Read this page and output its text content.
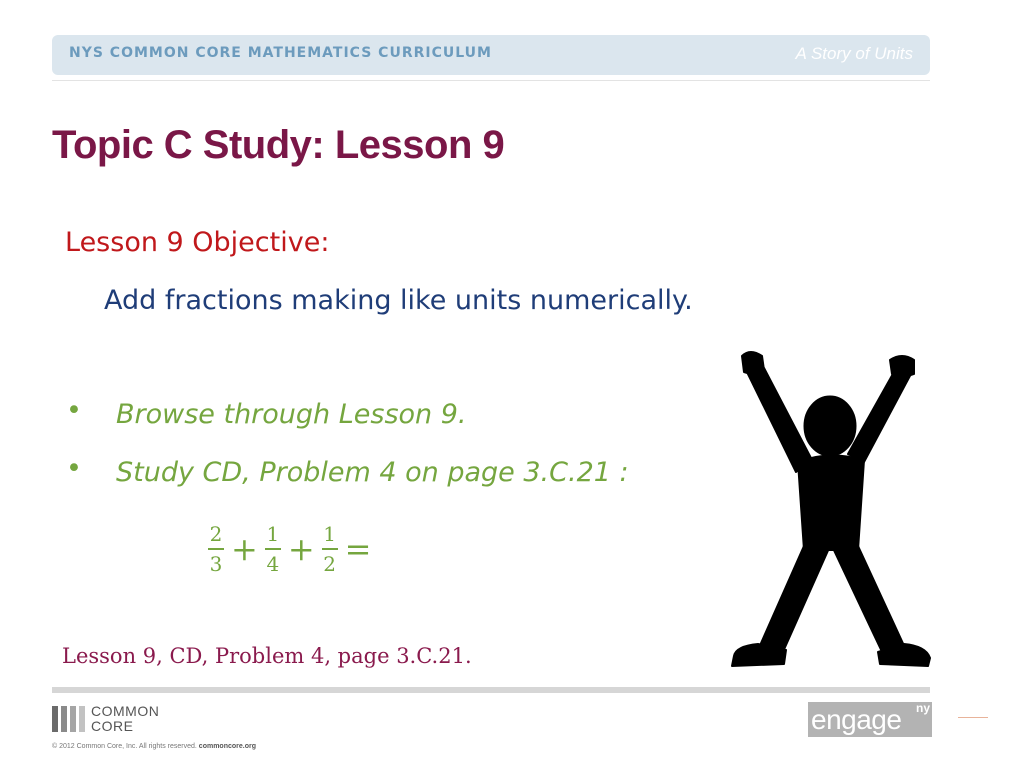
NYS COMMON CORE MATHEMATICS CURRICULUM	A Story of Units
Topic C Study: Lesson 9
Lesson 9 Objective:
Add fractions making like units numerically.
• Browse through Lesson 9.
• Study CD, Problem 4 on page 3.C.21 :
$\frac{2}{3} + \frac{1}{4} + \frac{1}{2}$ =
Lesson 9, CD, Problem 4, page 3.C.21.
COMMON
CORE
© 2012 Common Core, Inc. All rights reserved. commoncore.org
engage ny
